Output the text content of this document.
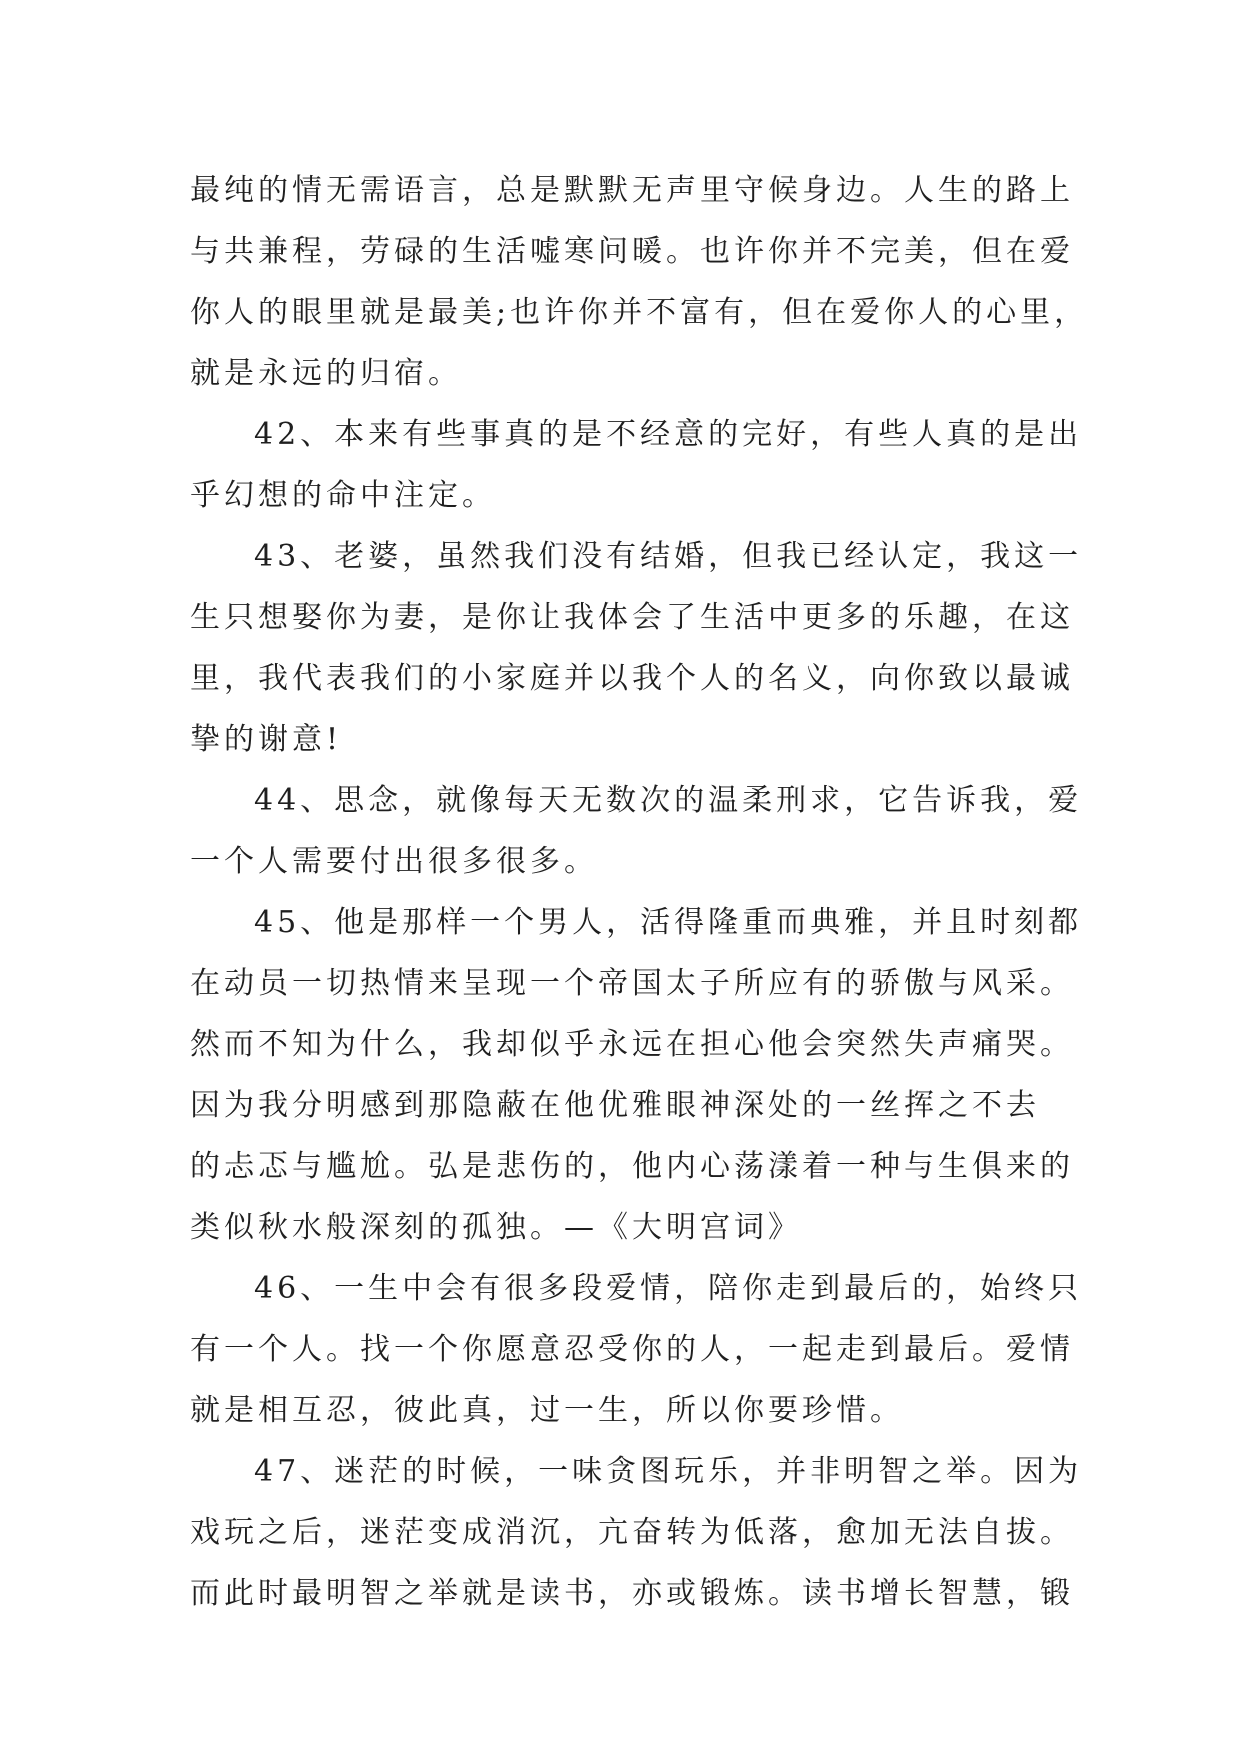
最纯的情无需语言，总是默默无声里守候身边。人生的路上
与共兼程，劳碌的生活嘘寒问暖。也许你并不完美，但在爱
你人的眼里就是最美;也许你并不富有，但在爱你人的心里，
就是永远的归宿。
42、本来有些事真的是不经意的完好，有些人真的是出
乎幻想的命中注定。
43、老婆，虽然我们没有结婚，但我已经认定，我这一
生只想娶你为妻，是你让我体会了生活中更多的乐趣，在这
里，我代表我们的小家庭并以我个人的名义，向你致以最诚
挚的谢意!
44、思念，就像每天无数次的温柔刑求，它告诉我，爱
一个人需要付出很多很多。
45、他是那样一个男人，活得隆重而典雅，并且时刻都
在动员一切热情来呈现一个帝国太子所应有的骄傲与风采。
然而不知为什么，我却似乎永远在担心他会突然失声痛哭。
因为我分明感到那隐蔽在他优雅眼神深处的一丝挥之不去
的忐忑与尴尬。弘是悲伤的，他内心荡漾着一种与生俱来的
类似秋水般深刻的孤独。—《大明宫词》
46、一生中会有很多段爱情，陪你走到最后的，始终只
有一个人。找一个你愿意忍受你的人，一起走到最后。爱情
就是相互忍，彼此真，过一生，所以你要珍惜。
47、迷茫的时候，一味贪图玩乐，并非明智之举。因为
戏玩之后，迷茫变成消沉，亢奋转为低落，愈加无法自拔。
而此时最明智之举就是读书，亦或锻炼。读书增长智慧，锻
